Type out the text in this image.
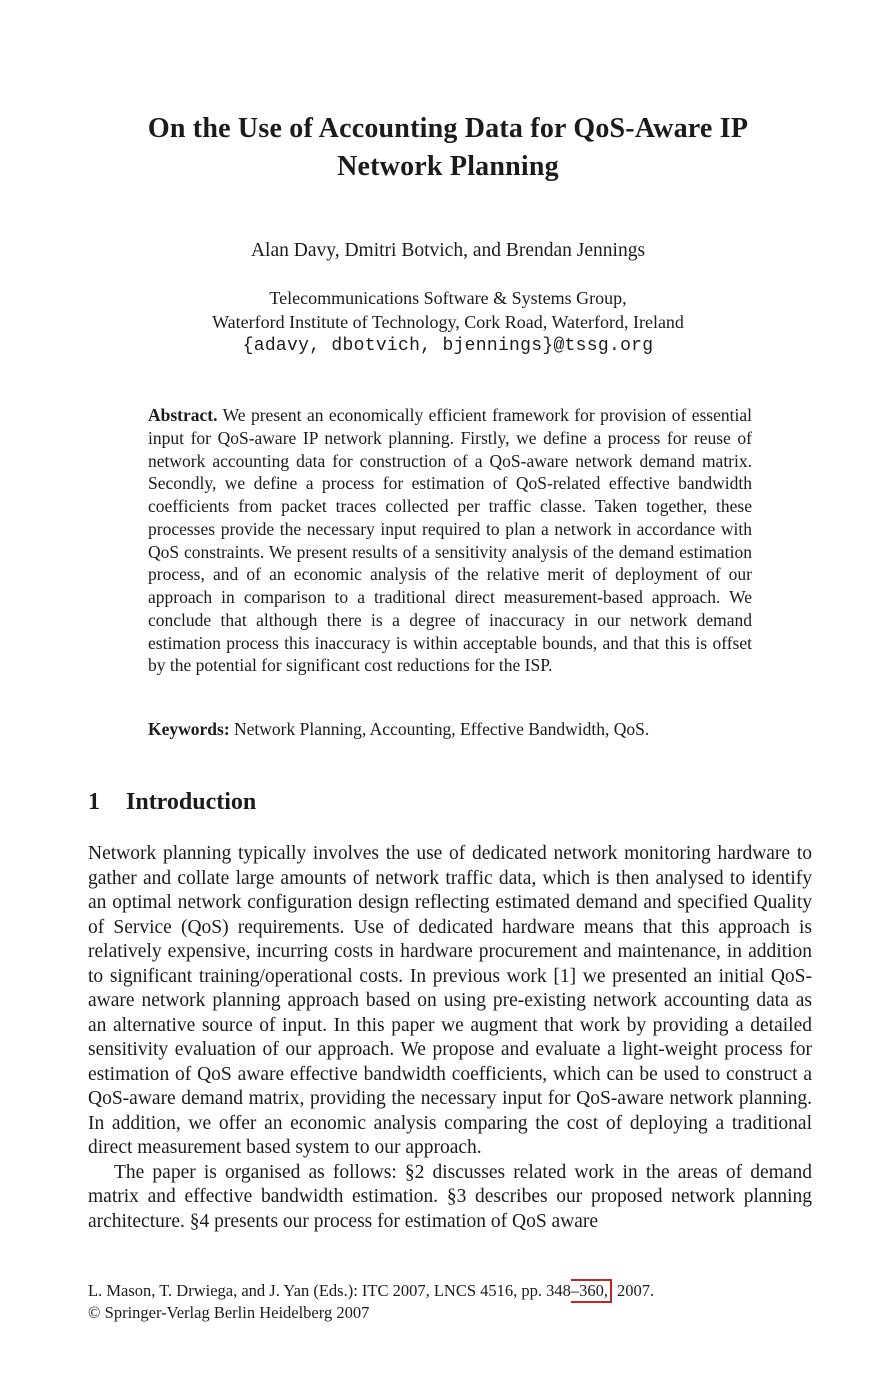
On the Use of Accounting Data for QoS-Aware IP Network Planning
Alan Davy, Dmitri Botvich, and Brendan Jennings
Telecommunications Software & Systems Group,
Waterford Institute of Technology, Cork Road, Waterford, Ireland
{adavy, dbotvich, bjennings}@tssg.org
Abstract. We present an economically efficient framework for provision of essential input for QoS-aware IP network planning. Firstly, we define a process for reuse of network accounting data for construction of a QoS-aware network demand matrix. Secondly, we define a process for estimation of QoS-related effective bandwidth coefficients from packet traces collected per traffic classe. Taken together, these processes provide the necessary input required to plan a network in accordance with QoS constraints. We present results of a sensitivity analysis of the demand estimation process, and of an economic analysis of the relative merit of deployment of our approach in comparison to a traditional direct measurement-based approach. We conclude that although there is a degree of inaccuracy in our network demand estimation process this inaccuracy is within acceptable bounds, and that this is offset by the potential for significant cost reductions for the ISP.
Keywords: Network Planning, Accounting, Effective Bandwidth, QoS.
1 Introduction

Network planning typically involves the use of dedicated network monitoring hardware to gather and collate large amounts of network traffic data, which is then analysed to identify an optimal network configuration design reflecting estimated demand and specified Quality of Service (QoS) requirements. Use of dedicated hardware means that this approach is relatively expensive, incurring costs in hardware procurement and maintenance, in addition to significant training/operational costs. In previous work [1] we presented an initial QoS-aware network planning approach based on using pre-existing network accounting data as an alternative source of input. In this paper we augment that work by providing a detailed sensitivity evaluation of our approach. We propose and evaluate a light-weight process for estimation of QoS aware effective bandwidth coefficients, which can be used to construct a QoS-aware demand matrix, providing the necessary input for QoS-aware network planning. In addition, we offer an economic analysis comparing the cost of deploying a traditional direct measurement based system to our approach.

The paper is organised as follows: §2 discusses related work in the areas of demand matrix and effective bandwidth estimation. §3 describes our proposed network planning architecture. §4 presents our process for estimation of QoS aware

L. Mason, T. Drwiega, and J. Yan (Eds.): ITC 2007, LNCS 4516, pp. 348–360, 2007.
© Springer-Verlag Berlin Heidelberg 2007
